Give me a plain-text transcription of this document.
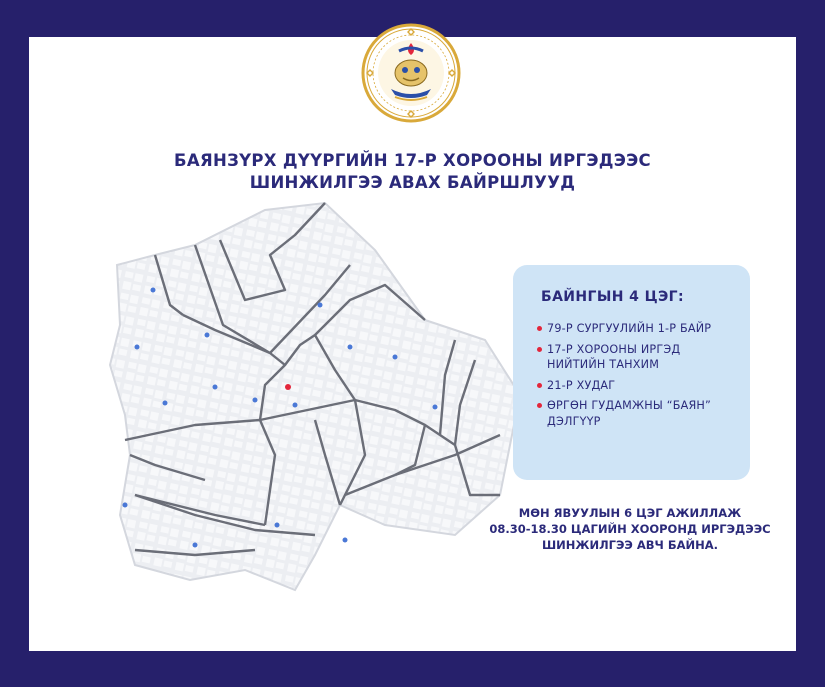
БАЯНЗҮРХ ДҮҮРГИЙН 17-Р ХОРООНЫ ИРГЭДЭЭС
ШИНЖИЛГЭЭ АВАХ БАЙРШЛУУД
БАЙНГЫН 4 ЦЭГ:
79-Р СУРГУУЛИЙН 1-Р БАЙР
17-Р ХОРООНЫ ИРГЭД НИЙТИЙН ТАНХИМ
21-Р ХУДАГ
ӨРГӨН ГУДАМЖНЫ “БАЯН” ДЭЛГҮҮР
МӨН ЯВУУЛЫН 6 ЦЭГ АЖИЛЛАЖ
08.30-18.30 ЦАГИЙН ХООРОНД ИРГЭДЭЭС
ШИНЖИЛГЭЭ АВЧ БАЙНА.
